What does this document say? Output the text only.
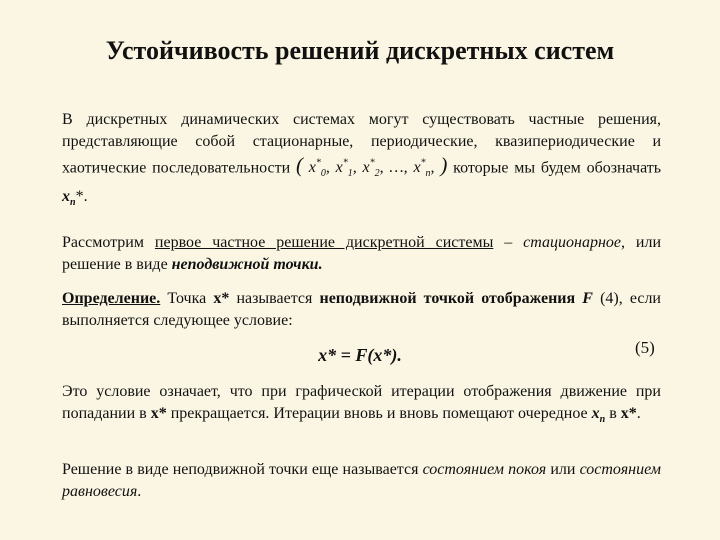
Устойчивость решений дискретных систем
В дискретных динамических системах могут существовать частные решения, представляющие собой стационарные, периодические, квазипериодические и хаотические последовательности ( $x^*_0$, $x^*_1$, $x^*_2$, …, $x^*_n$, ) которые мы будем обозначать $x_n*$.
Рассмотрим первое частное решение дискретной системы – стационарное, или решение в виде неподвижной точки.
Определение. Точка x* называется неподвижной точкой отображения F (4), если выполняется следующее условие:
x* = F(x*).	(5)
Это условие означает, что при графической итерации отображения движение при попадании в x* прекращается. Итерации вновь и вновь помещают очередное $x_n$ в x*.
Решение в виде неподвижной точки еще называется состоянием покоя или состоянием равновесия.
